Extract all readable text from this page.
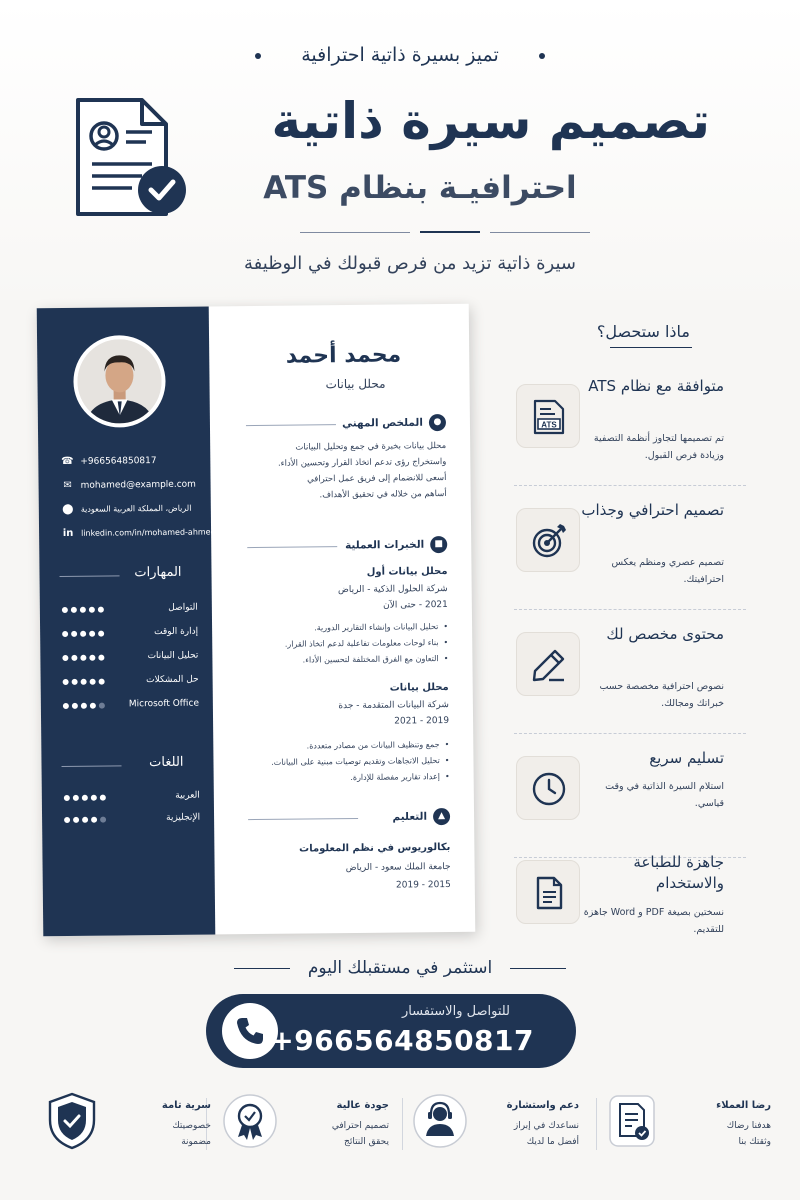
تميز بسيرة ذاتية احترافية
تصميم سيرة ذاتية
احترافيـة بنظام ATS
سيرة ذاتية تزيد من فرص قبولك في الوظيفة
☎ +966564850817
✉ mohamed@example.com
⬤ الرياض، المملكة العربية السعودية
in linkedin.com/in/mohamed-ahmed
المهارات
التواصل
إدارة الوقت
تحليل البيانات
حل المشكلات
Microsoft Office
اللغات
العربية
الإنجليزية
محمد أحمد
محلل بيانات
●الملخص المهني
محلل بيانات بخبرة في جمع وتحليل البيانات
واستخراج رؤى تدعم اتخاذ القرار وتحسين الأداء.
أسعى للانضمام إلى فريق عمل احترافي
أساهم من خلاله في تحقيق الأهداف.
■الخبرات العملية
محلل بيانات أول
شركة الحلول الذكية - الرياض
2021 - حتى الآن
• تحليل البيانات وإنشاء التقارير الدورية.
• بناء لوحات معلومات تفاعلية لدعم اتخاذ القرار.
• التعاون مع الفرق المختلفة لتحسين الأداء.
محلل بيانات
شركة البيانات المتقدمة - جدة
2019 - 2021
• جمع وتنظيف البيانات من مصادر متعددة.
• تحليل الاتجاهات وتقديم توصيات مبنية على البيانات.
• إعداد تقارير مفصلة للإدارة.
▲التعليم
بكالوريوس في نظم المعلومات
جامعة الملك سعود - الرياض
2015 - 2019
ماذا ستحصل؟
ATS
متوافقة مع نظام ATS
تم تصميمها لتجاوز أنظمة التصفية وزيادة فرص القبول.
تصميم احترافي وجذاب
تصميم عصري ومنظم يعكس احترافيتك.
محتوى مخصص لك
نصوص احترافية مخصصة حسب خبراتك ومجالك.
تسليم سريع
استلام السيرة الذاتية في وقت قياسي.
جاهزة للطباعة والاستخدام
نسختين بصيغة PDF و Word جاهزة للتقديم.
استثمر في مستقبلك اليوم
للتواصل والاستفسار
+966564850817
رضا العملاء
هدفنا رضاك
وثقتك بنا
دعم واستشارة
نساعدك في إبراز
أفضل ما لديك
جودة عالية
تصميم احترافي
يحقق النتائج
سرية تامة
خصوصيتك
مضمونة
